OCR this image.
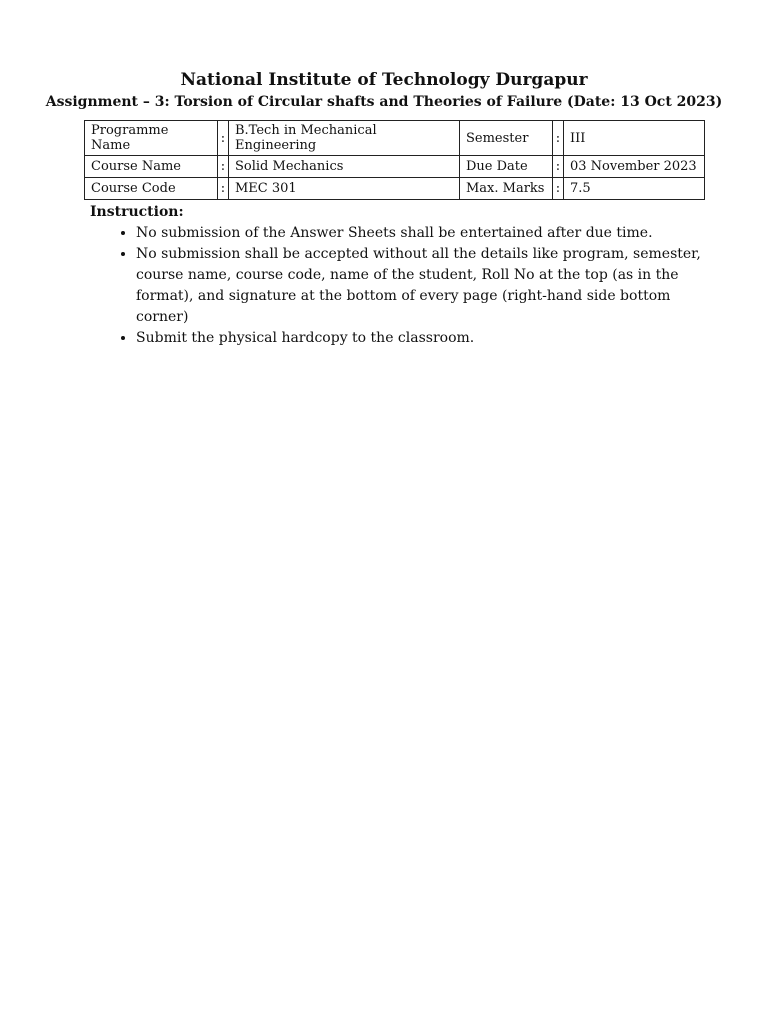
National Institute of Technology Durgapur
Assignment – 3: Torsion of Circular shafts and Theories of Failure (Date: 13 Oct 2023)
Programme Name	:	B.Tech in Mechanical Engineering	Semester	:	III
Course Name	:	Solid Mechanics	Due Date	:	03 November 2023
Course Code	:	MEC 301	Max. Marks	:	7.5
Instruction:
• No submission of the Answer Sheets shall be entertained after due time.
• No submission shall be accepted without all the details like program, semester, course name, course code, name of the student, Roll No at the top (as in the format), and signature at the bottom of every page (right-hand side bottom corner)
• Submit the physical hardcopy to the classroom.
